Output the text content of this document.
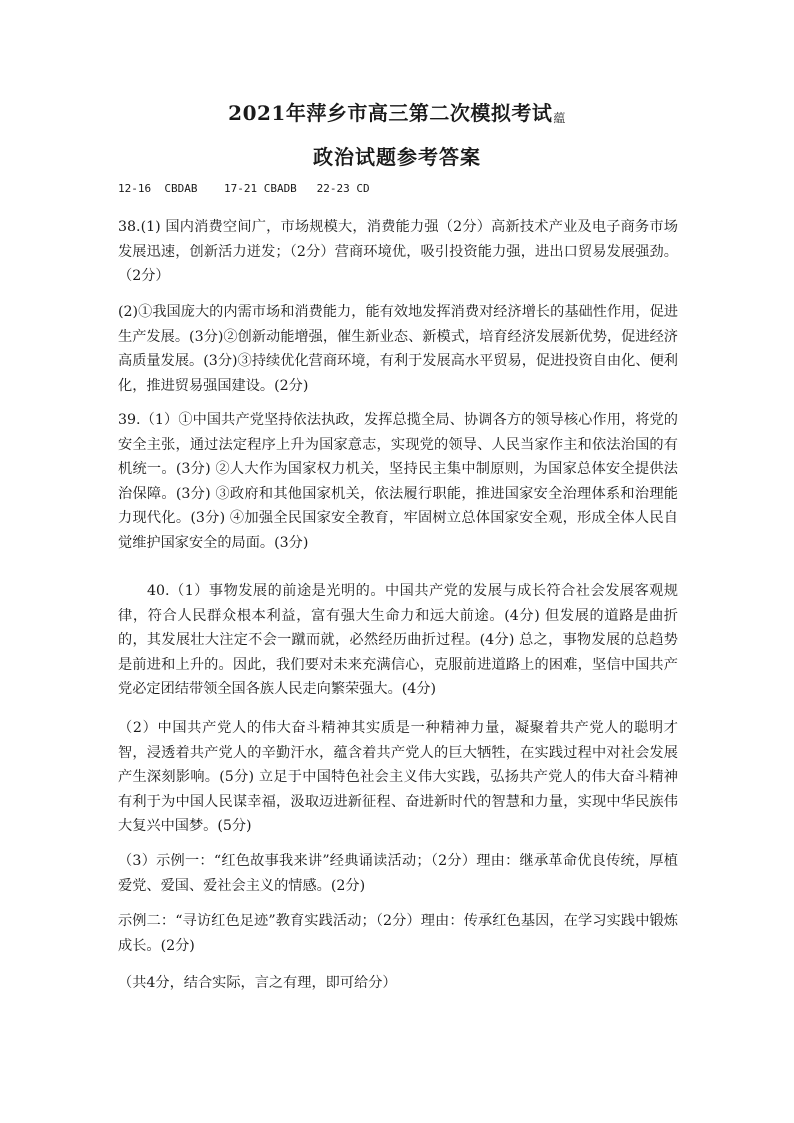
2021年萍乡市高三第二次模拟考试藴
政治试题参考答案
12-16  CBDAB    17-21 CBADB   22-23 CD

38.(1) 国内消费空间广，市场规模大，消费能力强（2分）高新技术产业及电子商务市场发展迅速，创新活力迸发；（2分）营商环境优，吸引投资能力强，进出口贸易发展强劲。（2分）

(2)①我国庞大的内需市场和消费能力，能有效地发挥消费对经济增长的基础性作用，促进生产发展。(3分)②创新动能增强，催生新业态、新模式，培育经济发展新优势，促进经济高质量发展。(3分)③持续优化营商环境，有利于发展高水平贸易，促进投资自由化、便利化，推进贸易强国建设。(2分)

39.（1）①中国共产党坚持依法执政，发挥总揽全局、协调各方的领导核心作用，将党的安全主张，通过法定程序上升为国家意志，实现党的领导、人民当家作主和依法治国的有机统一。(3分) ②人大作为国家权力机关，坚持民主集中制原则，为国家总体安全提供法治保障。(3分) ③政府和其他国家机关，依法履行职能，推进国家安全治理体系和治理能力现代化。(3分) ④加强全民国家安全教育，牢固树立总体国家安全观，形成全体人民自觉维护国家安全的局面。(3分)

40.（1）事物发展的前途是光明的。中国共产党的发展与成长符合社会发展客观规律，符合人民群众根本利益，富有强大生命力和远大前途。(4分) 但发展的道路是曲折的，其发展壮大注定不会一蹴而就，必然经历曲折过程。(4分) 总之，事物发展的总趋势是前进和上升的。因此，我们要对未来充满信心，克服前进道路上的困难，坚信中国共产党必定团结带领全国各族人民走向繁荣强大。(4分)

（2）中国共产党人的伟大奋斗精神其实质是一种精神力量，凝聚着共产党人的聪明才智，浸透着共产党人的辛勤汗水，蕴含着共产党人的巨大牺牲，在实践过程中对社会发展产生深刻影响。(5分) 立足于中国特色社会主义伟大实践，弘扬共产党人的伟大奋斗精神有利于为中国人民谋幸福，汲取迈进新征程、奋进新时代的智慧和力量，实现中华民族伟大复兴中国梦。(5分)

（3）示例一：“红色故事我来讲”经典诵读活动；（2分）理由：继承革命优良传统，厚植爱党、爱国、爱社会主义的情感。(2分)

示例二：“寻访红色足迹”教育实践活动；（2分）理由：传承红色基因，在学习实践中锻炼成长。(2分)

（共4分，结合实际，言之有理，即可给分）
